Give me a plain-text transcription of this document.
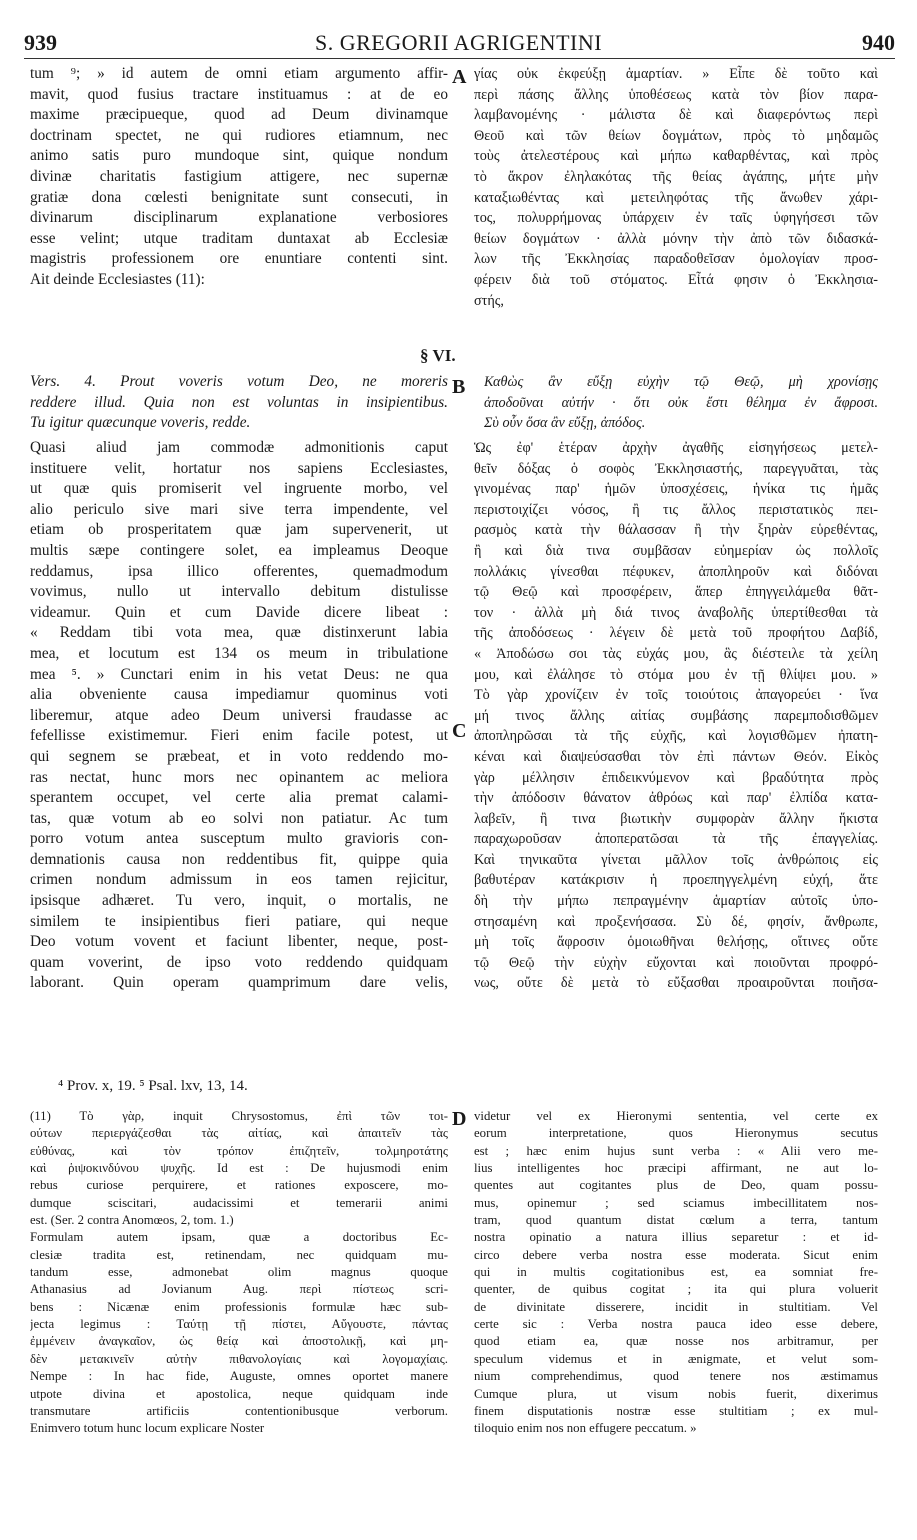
939	S. GREGORII AGRIGENTINI	940
tum ⁹; » id autem de omni etiam argumento affir-
mavit, quod fusius tractare instituamus : at de eo
maxime præcipueque, quod ad Deum divinamque
doctrinam spectet, ne qui rudiores etiamnum, nec
animo satis puro mundoque sint, quique nondum
divinæ charitatis fastigium attigere, nec supernæ
gratiæ dona cœlesti benignitate sunt consecuti, in
divinarum disciplinarum explanatione verbosiores
esse velint; utque traditam duntaxat ab Ecclesiæ
magistris professionem ore enuntiare contenti sint.
Ait deinde Ecclesiastes (11):
Vers. 4. Prout voveris votum Deo, ne moreris
reddere illud. Quia non est voluntas in insipientibus.
Tu igitur quæcunque voveris, redde.
Quasi aliud jam commodæ admonitionis caput
instituere velit, hortatur nos sapiens Ecclesiastes,
ut quæ quis promiserit vel ingruente morbo, vel
alio periculo sive mari sive terra impendente, vel
etiam ob prosperitatem quæ jam supervenerit, ut
multis sæpe contingere solet, ea impleamus Deoque
reddamus, ipsa illico offerentes, quemadmodum
vovimus, nullo ut intervallo debitum distulisse
videamur. Quin et cum Davide dicere libeat :
« Reddam tibi vota mea, quæ distinxerunt labia
mea, et locutum est 134 os meum in tribulatione
mea ⁵. » Cunctari enim in his vetat Deus: ne qua
alia obveniente causa impediamur quominus voti
liberemur, atque adeo Deum universi fraudasse ac
fefellisse existimemur. Fieri enim facile potest, ut
qui segnem se præbeat, et in voto reddendo mo-
ras nectat, hunc mors nec opinantem ac meliora
sperantem occupet, vel certe alia premat calami-
tas, quæ votum ab eo solvi non patiatur. Ac tum
porro votum antea susceptum multo gravioris con-
demnationis causa non reddentibus fit, quippe quia
crimen nondum admissum in eos tamen rejicitur,
ipsisque adhæret. Tu vero, inquit, o mortalis, ne
similem te insipientibus fieri patiare, qui neque
Deo votum vovent et faciunt libenter, neque, post-
quam voverint, de ipso voto reddendo quidquam
laborant. Quin operam quamprimum dare velis,
⁴ Prov. x, 19. ⁵ Psal. lxv, 13, 14.
(11) Τὸ γὰρ, inquit Chrysostomus, ἐπὶ τῶν τοι-
ούτων περιεργάζεσθαι τὰς αἰτίας, καὶ ἀπαιτεῖν τὰς
εὐθύνας, καὶ τὸν τρόπον ἐπιζητεῖν, τολμηροτάτης
καὶ ῥιψοκινδύνου ψυχῆς. Id est : De hujusmodi enim
rebus curiose perquirere, et rationes exposcere, mo-
dumque sciscitari, audacissimi et temerarii animi
est. (Ser. 2 contra Anomœos, 2, tom. 1.)
Formulam autem ipsam, quæ a doctoribus Ec-
clesiæ tradita est, retinendam, nec quidquam mu-
tandum esse, admonebat olim magnus quoque
Athanasius ad Jovianum Aug. περὶ πίστεως scri-
bens : Nicænæ enim professionis formulæ hæc sub-
jecta legimus : Ταύτῃ τῇ πίστει, Αὔγουστε, πάντας
ἐμμένειν ἀναγκαῖον, ὡς θείᾳ καὶ ἀποστολικῇ, καὶ μη-
δὲν μετακινεῖν αὐτὴν πιθανολογίαις καὶ λογομαχίαις.
Nempe : In hac fide, Auguste, omnes oportet manere
utpote divina et apostolica, neque quidquam inde
transmutare artificiis contentionibusque verborum.
Enimvero totum hunc locum explicare Noster
A
B
C
D
§ VI.
γίας οὐκ ἐκφεύξῃ ἁμαρτίαν. » Εἶπε δὲ τοῦτο καὶ
περὶ πάσης ἄλλης ὑποθέσεως κατὰ τὸν βίον παρα-
λαμβανομένης · μάλιστα δὲ καὶ διαφερόντως περὶ
Θεοῦ καὶ τῶν θείων δογμάτων, πρὸς τὸ μηδαμῶς
τοὺς ἀτελεστέρους καὶ μήπω καθαρθέντας, καὶ πρὸς
τὸ ἄκρον ἐληλακότας τῆς θείας ἀγάπης, μήτε μὴν
καταξιωθέντας καὶ μετειληφότας τῆς ἄνωθεν χάρι-
τος, πολυρρήμονας ὑπάρχειν ἐν ταῖς ὑφηγήσεσι τῶν
θείων δογμάτων · ἀλλὰ μόνην τὴν ἀπὸ τῶν διδασκά-
λων τῆς Ἐκκλησίας παραδοθεῖσαν ὁμολογίαν προσ-
φέρειν διὰ τοῦ στόματος. Εἶτά φησιν ὁ Ἐκκλησια-
στής,
Καθὼς ἂν εὔξῃ εὐχὴν τῷ Θεῷ, μὴ χρονίσῃς
ἀποδοῦναι αὐτήν · ὅτι οὐκ ἔστι θέλημα ἐν ἄφροσι.
Σὺ οὖν ὅσα ἂν εὔξῃ, ἀπόδος.
Ὡς ἐφ' ἑτέραν ἀρχὴν ἀγαθῆς εἰσηγήσεως μετελ-
θεῖν δόξας ὁ σοφὸς Ἐκκλησιαστής, παρεγγυᾶται, τὰς
γινομένας παρ' ἡμῶν ὑποσχέσεις, ἡνίκα τις ἡμᾶς
περιστοιχίζει νόσος, ἢ τις ἄλλος περιστατικὸς πει-
ρασμὸς κατὰ τὴν θάλασσαν ἢ τὴν ξηρὰν εὑρεθέντας,
ἢ καὶ διὰ τινα συμβᾶσαν εὐημερίαν ὡς πολλοῖς
πολλάκις γίνεσθαι πέφυκεν, ἀποπληροῦν καὶ διδόναι
τῷ Θεῷ καὶ προσφέρειν, ἅπερ ἐπηγγειλάμεθα θᾶτ-
τον · ἀλλὰ μὴ διά τινος ἀναβολῆς ὑπερτίθεσθαι τὰ
τῆς ἀποδόσεως · λέγειν δὲ μετὰ τοῦ προφήτου Δαβίδ,
« Ἀποδώσω σοι τὰς εὐχάς μου, ἃς διέστειλε τὰ χείλη
μου, καὶ ἐλάλησε τὸ στόμα μου ἐν τῇ θλίψει μου. »
Τὸ γὰρ χρονίζειν ἐν τοῖς τοιούτοις ἀπαγορεύει · ἵνα
μή τινος ἄλλης αἰτίας συμβάσης παρεμποδισθῶμεν
ἀποπληρῶσαι τὰ τῆς εὐχῆς, καὶ λογισθῶμεν ἠπατη-
κέναι καὶ διαψεύσασθαι τὸν ἐπὶ πάντων Θεόν. Εἰκὸς
γὰρ μέλλησιν ἐπιδεικνύμενον καὶ βραδύτητα πρὸς
τὴν ἀπόδοσιν θάνατον ἀθρόως καὶ παρ' ἐλπίδα κατα-
λαβεῖν, ἢ τινα βιωτικὴν συμφορὰν ἄλλην ἥκιστα
παραχωροῦσαν ἀποπερατῶσαι τὰ τῆς ἐπαγγελίας.
Καὶ τηνικαῦτα γίνεται μᾶλλον τοῖς ἀνθρώποις εἰς
βαθυτέραν κατάκρισιν ἡ προεπηγγελμένη εὐχή, ἅτε
δὴ τὴν μήπω πεπραγμένην ἁμαρτίαν αὐτοῖς ὑπο-
στησαμένη καὶ προξενήσασα. Σὺ δέ, φησίν, ἄνθρωπε,
μὴ τοῖς ἄφροσιν ὁμοιωθῆναι θελήσῃς, οἵτινες οὔτε
τῷ Θεῷ τὴν εὐχὴν εὔχονται καὶ ποιοῦνται προφρό-
νως, οὔτε δὲ μετὰ τὸ εὔξασθαι προαιροῦνται ποιῆσα-
videtur vel ex Hieronymi sententia, vel certe ex
eorum interpretatione, quos Hieronymus secutus
est ; hæc enim hujus sunt verba : « Alii vero me-
lius intelligentes hoc præcipi affirmant, ne aut lo-
quentes aut cogitantes plus de Deo, quam possu-
mus, opinemur ; sed sciamus imbecillitatem nos-
tram, quod quantum distat cœlum a terra, tantum
nostra opinatio a natura illius separetur : et id-
circo debere verba nostra esse moderata. Sicut enim
qui in multis cogitationibus est, ea somniat fre-
quenter, de quibus cogitat ; ita qui plura voluerit
de divinitate disserere, incidit in stultitiam. Vel
certe sic : Verba nostra pauca ideo esse debere,
quod etiam ea, quæ nosse nos arbitramur, per
speculum videmus et in ænigmate, et velut som-
nium comprehendimus, quod tenere nos æstimamus
Cumque plura, ut visum nobis fuerit, dixerimus
finem disputationis nostræ esse stultitiam ; ex mul-
tiloquio enim nos non effugere peccatum. »
